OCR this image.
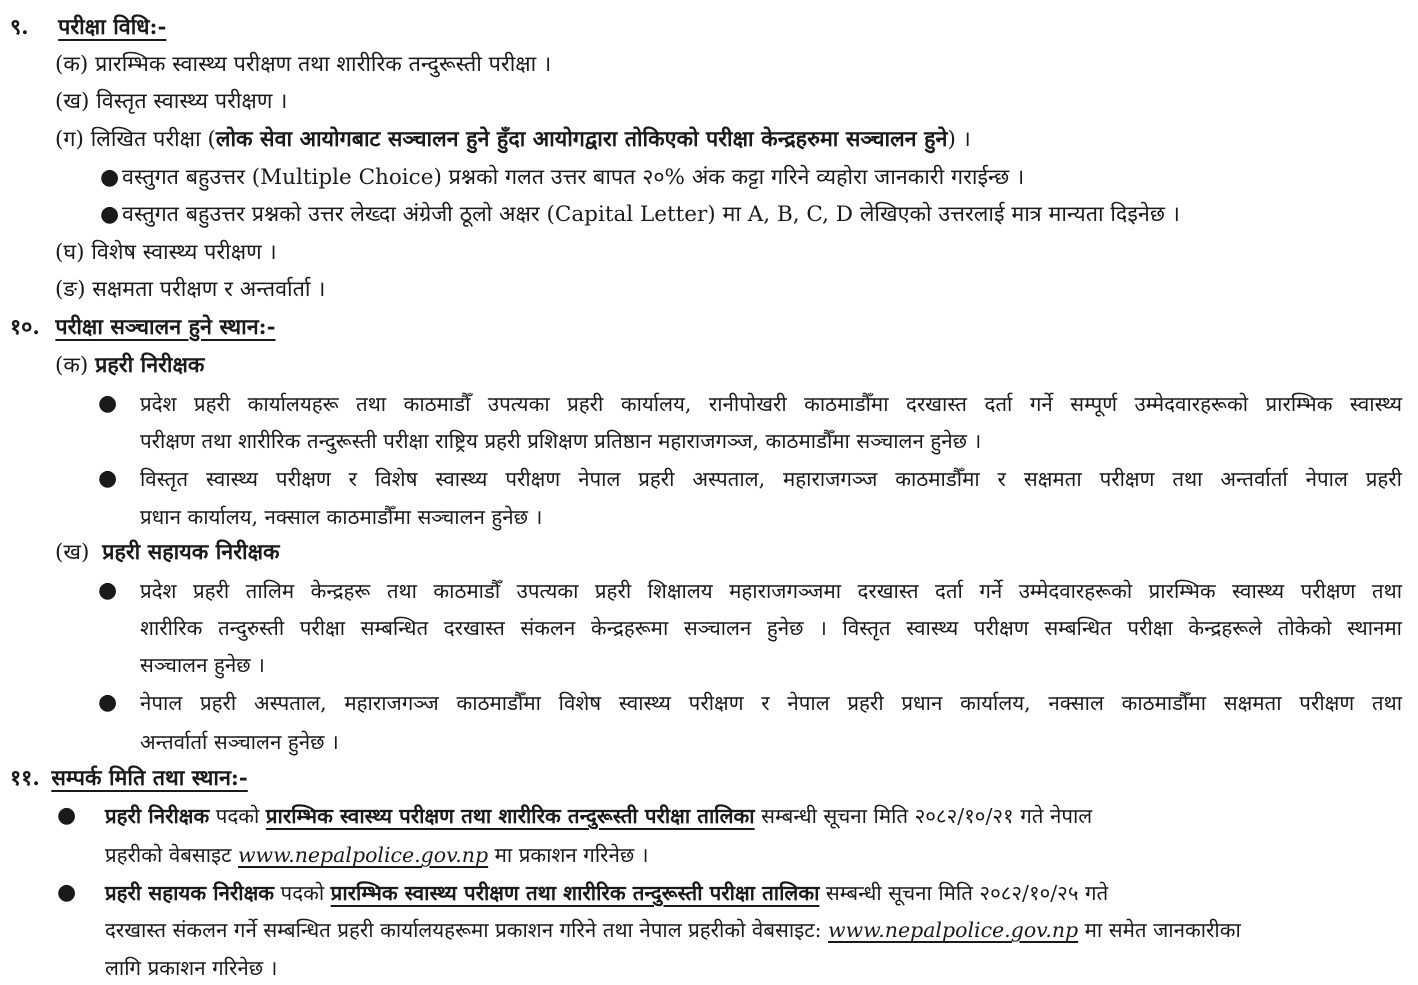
९. परीक्षा विधि:-
(क) प्रारम्भिक स्वास्थ्य परीक्षण तथा शारीरिक तन्दुरूस्ती परीक्षा ।
(ख) विस्तृत स्वास्थ्य परीक्षण ।
(ग) लिखित परीक्षा (लोक सेवा आयोगबाट सञ्चालन हुने हुँदा आयोगद्वारा तोकिएको परीक्षा केन्द्रहरुमा सञ्चालन हुने) ।
● वस्तुगत बहुउत्तर (Multiple Choice) प्रश्नको गलत उत्तर बापत २०% अंक कट्टा गरिने व्यहोरा जानकारी गराईन्छ ।
● वस्तुगत बहुउत्तर प्रश्नको उत्तर लेख्दा अंग्रेजी ठूलो अक्षर (Capital Letter) मा A, B, C, D लेखिएको उत्तरलाई मात्र मान्यता दिइनेछ ।
(घ) विशेष स्वास्थ्य परीक्षण ।
(ङ) सक्षमता परीक्षण र अन्तर्वार्ता ।
१०. परीक्षा सञ्चालन हुने स्थान:-
(क) प्रहरी निरीक्षक
● प्रदेश प्रहरी कार्यालयहरू तथा काठमाडौँ उपत्यका प्रहरी कार्यालय, रानीपोखरी काठमाडौँमा दरखास्त दर्ता गर्ने सम्पूर्ण उम्मेदवारहरूको प्रारम्भिक स्वास्थ्य
परीक्षण तथा शारीरिक तन्दुरूस्ती परीक्षा राष्ट्रिय प्रहरी प्रशिक्षण प्रतिष्ठान महाराजगञ्ज, काठमाडौँमा सञ्चालन हुनेछ ।
● विस्तृत स्वास्थ्य परीक्षण र विशेष स्वास्थ्य परीक्षण नेपाल प्रहरी अस्पताल, महाराजगञ्ज काठमाडौँमा र सक्षमता परीक्षण तथा अन्तर्वार्ता नेपाल प्रहरी
प्रधान कार्यालय, नक्साल काठमाडौँमा सञ्चालन हुनेछ ।
(ख) प्रहरी सहायक निरीक्षक
● प्रदेश प्रहरी तालिम केन्द्रहरू तथा काठमाडौँ उपत्यका प्रहरी शिक्षालय महाराजगञ्जमा दरखास्त दर्ता गर्ने उम्मेदवारहरूको प्रारम्भिक स्वास्थ्य परीक्षण तथा
शारीरिक तन्दुरुस्ती परीक्षा सम्बन्धित दरखास्त संकलन केन्द्रहरूमा सञ्चालन हुनेछ । विस्तृत स्वास्थ्य परीक्षण सम्बन्धित परीक्षा केन्द्रहरूले तोकेको स्थानमा
सञ्चालन हुनेछ ।
● नेपाल प्रहरी अस्पताल, महाराजगञ्ज काठमाडौँमा विशेष स्वास्थ्य परीक्षण र नेपाल प्रहरी प्रधान कार्यालय, नक्साल काठमाडौँमा सक्षमता परीक्षण तथा
अन्तर्वार्ता सञ्चालन हुनेछ ।
११. सम्पर्क मिति तथा स्थान:-
● प्रहरी निरीक्षक पदको प्रारम्भिक स्वास्थ्य परीक्षण तथा शारीरिक तन्दुरूस्ती परीक्षा तालिका सम्बन्धी सूचना मिति २०८२/१०/२१ गते नेपाल
प्रहरीको वेबसाइट www.nepalpolice.gov.np मा प्रकाशन गरिनेछ ।
● प्रहरी सहायक निरीक्षक पदको प्रारम्भिक स्वास्थ्य परीक्षण तथा शारीरिक तन्दुरूस्ती परीक्षा तालिका सम्बन्धी सूचना मिति २०८२/१०/२५ गते
दरखास्त संकलन गर्ने सम्बन्धित प्रहरी कार्यालयहरूमा प्रकाशन गरिने तथा नेपाल प्रहरीको वेबसाइट: www.nepalpolice.gov.np मा समेत जानकारीका
लागि प्रकाशन गरिनेछ ।
